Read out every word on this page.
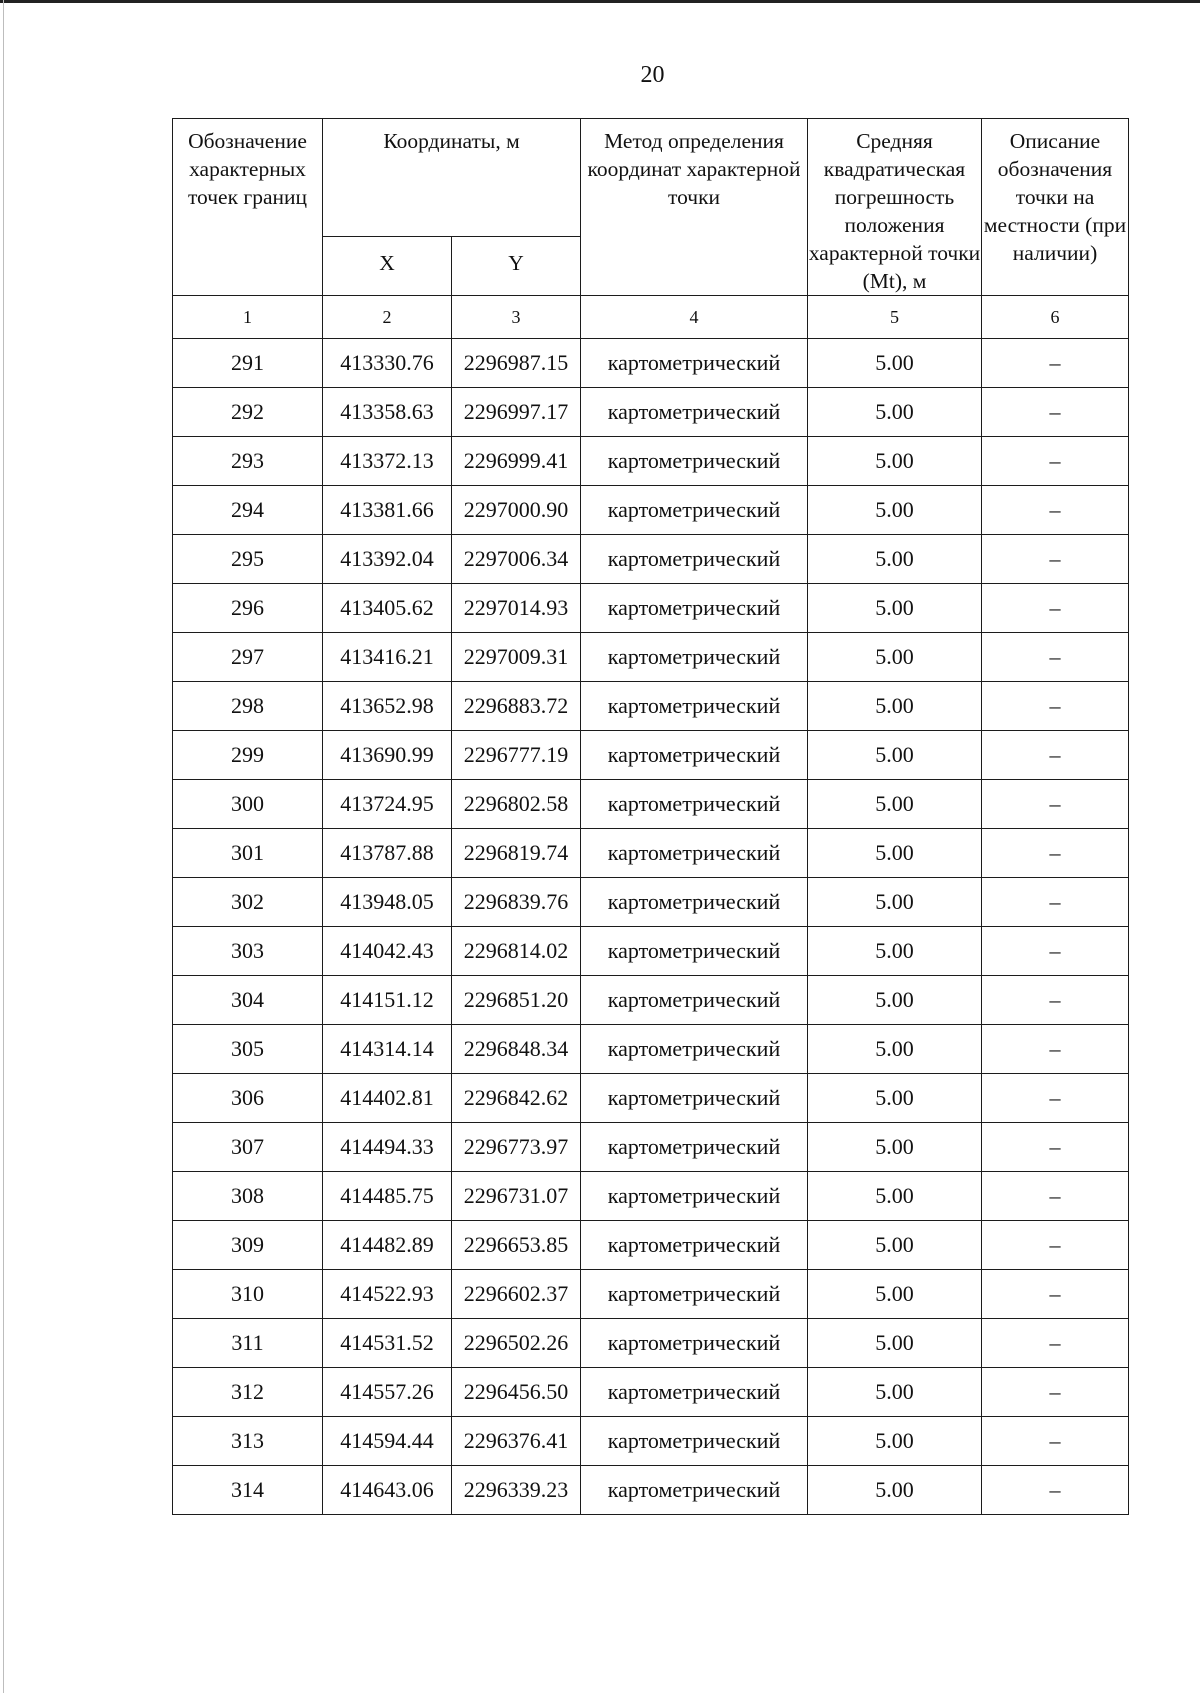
20
Обозначение характерных точек границ	Координаты, м		Метод определения координат характерной точки	Средняя квадратическая погрешность положения характерной точки (Mt), м	Описание обозначения точки на местности (при наличии)
	X	Y			
1	2	3	4	5	6
291	413330.76	2296987.15	картометрический	5.00	–
292	413358.63	2296997.17	картометрический	5.00	–
293	413372.13	2296999.41	картометрический	5.00	–
294	413381.66	2297000.90	картометрический	5.00	–
295	413392.04	2297006.34	картометрический	5.00	–
296	413405.62	2297014.93	картометрический	5.00	–
297	413416.21	2297009.31	картометрический	5.00	–
298	413652.98	2296883.72	картометрический	5.00	–
299	413690.99	2296777.19	картометрический	5.00	–
300	413724.95	2296802.58	картометрический	5.00	–
301	413787.88	2296819.74	картометрический	5.00	–
302	413948.05	2296839.76	картометрический	5.00	–
303	414042.43	2296814.02	картометрический	5.00	–
304	414151.12	2296851.20	картометрический	5.00	–
305	414314.14	2296848.34	картометрический	5.00	–
306	414402.81	2296842.62	картометрический	5.00	–
307	414494.33	2296773.97	картометрический	5.00	–
308	414485.75	2296731.07	картометрический	5.00	–
309	414482.89	2296653.85	картометрический	5.00	–
310	414522.93	2296602.37	картометрический	5.00	–
311	414531.52	2296502.26	картометрический	5.00	–
312	414557.26	2296456.50	картометрический	5.00	–
313	414594.44	2296376.41	картометрический	5.00	–
314	414643.06	2296339.23	картометрический	5.00	–
